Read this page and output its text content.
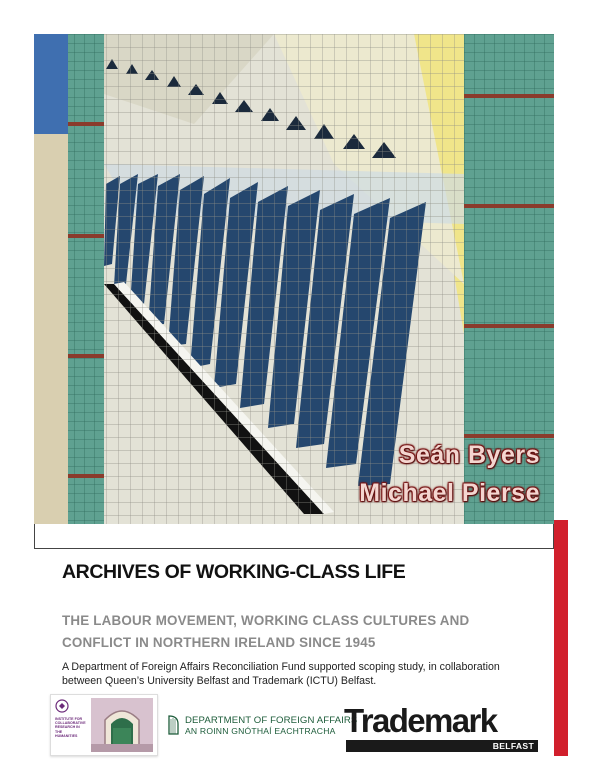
Seán Byers
Michael Pierse
ARCHIVES OF WORKING-CLASS LIFE

THE LABOUR MOVEMENT, WORKING CLASS CULTURES AND
CONFLICT IN NORTHERN IRELAND SINCE 1945

A Department of Foreign Affairs Reconciliation Fund supported scoping study, in collaboration
between Queen’s University Belfast and Trademark (ICTU) Belfast.

INSTITUTE FOR COLLABORATIVE RESEARCH IN THE HUMANITIES
DEPARTMENT OF FOREIGN AFFAIRS
AN ROINN GNÓTHAÍ EACHTRACHA Trademark
BELFAST
